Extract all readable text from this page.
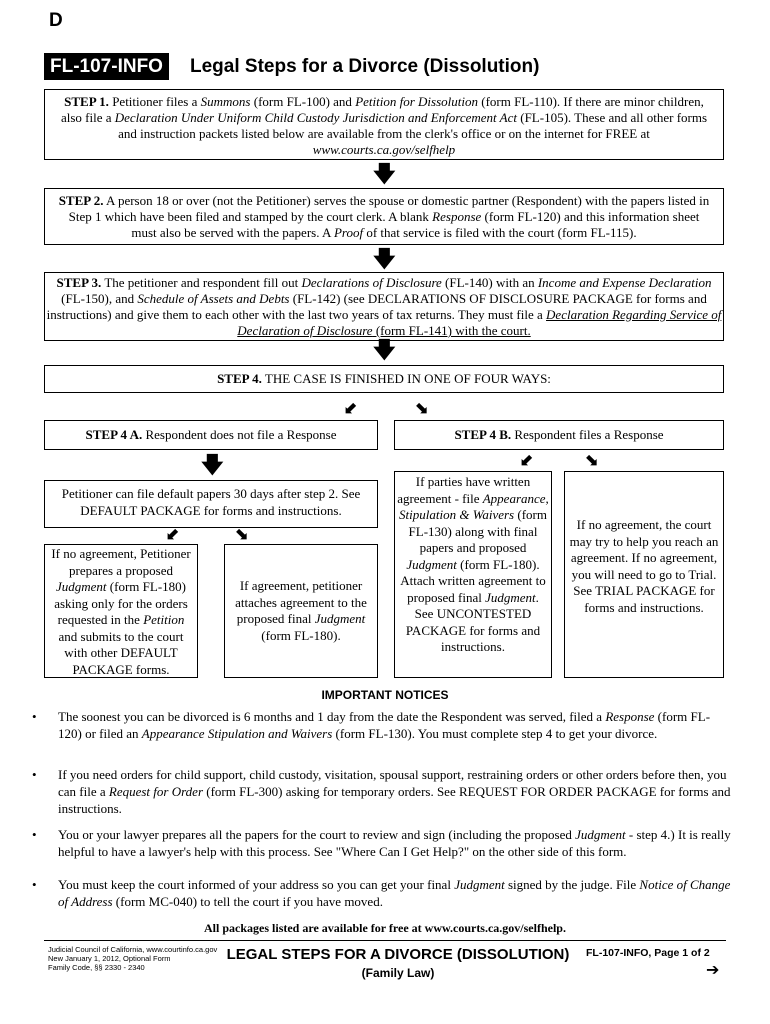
D
FL-107-INFO	Legal Steps for a Divorce (Dissolution)
STEP 1. Petitioner files a Summons (form FL-100) and Petition for Dissolution (form FL-110). If there are minor children, also file a Declaration Under Uniform Child Custody Jurisdiction and Enforcement Act (FL-105). These and all other forms and instruction packets listed below are available from the clerk's office or on the internet for FREE at www.courts.ca.gov/selfhelp
🡇
STEP 2. A person 18 or over (not the Petitioner) serves the spouse or domestic partner (Respondent) with the papers listed in Step 1 which have been filed and stamped by the court clerk. A blank Response (form FL-120) and this information sheet must also be served with the papers. A Proof of that service is filed with the court (form FL-115).
🡇
STEP 3. The petitioner and respondent fill out Declarations of Disclosure (FL-140) with an Income and Expense Declaration (FL-150), and Schedule of Assets and Debts (FL-142) (see DECLARATIONS OF DISCLOSURE PACKAGE for forms and instructions) and give them to each other with the last two years of tax returns. They must file a Declaration Regarding Service of Declaration of Disclosure (form FL-141) with the court.
🡇
STEP 4. THE CASE IS FINISHED IN ONE OF FOUR WAYS:
⬋	⬊
STEP 4 A. Respondent does not file a Response	STEP 4 B. Respondent files a Response
🡇	⬋	⬊
Petitioner can file default papers 30 days after step 2. See DEFAULT PACKAGE for forms and instructions.
⬋	⬊
If no agreement, Petitioner prepares a proposed Judgment (form FL-180) asking only for the orders requested in the Petition and submits to the court with other DEFAULT PACKAGE forms.
If agreement, petitioner attaches agreement to the proposed final Judgment (form FL-180).
If parties have written agreement - file Appearance, Stipulation & Waivers (form FL-130) along with final papers and proposed Judgment (form FL-180). Attach written agreement to proposed final Judgment. See UNCONTESTED PACKAGE for forms and instructions.
If no agreement, the court may try to help you reach an agreement. If no agreement, you will need to go to Trial. See TRIAL PACKAGE for forms and instructions.
IMPORTANT NOTICES
• The soonest you can be divorced is 6 months and 1 day from the date the Respondent was served, filed a Response (form FL-120) or filed an Appearance Stipulation and Waivers (form FL-130). You must complete step 4 to get your divorce.
• If you need orders for child support, child custody, visitation, spousal support, restraining orders or other orders before then, you can file a Request for Order (form FL-300) asking for temporary orders. See REQUEST FOR ORDER PACKAGE for forms and instructions.
• You or your lawyer prepares all the papers for the court to review and sign (including the proposed Judgment - step 4.) It is really helpful to have a lawyer's help with this process. See "Where Can I Get Help?" on the other side of this form.
• You must keep the court informed of your address so you can get your final Judgment signed by the judge. File Notice of Change of Address (form MC-040) to tell the court if you have moved.
All packages listed are available for free at www.courts.ca.gov/selfhelp.
Judicial Council of California, www.courtinfo.ca.gov
New January 1, 2012, Optional Form
Family Code, §§ 2330 - 2340
LEGAL STEPS FOR A DIVORCE (DISSOLUTION)
(Family Law)
FL-107-INFO, Page 1 of 2
➔
